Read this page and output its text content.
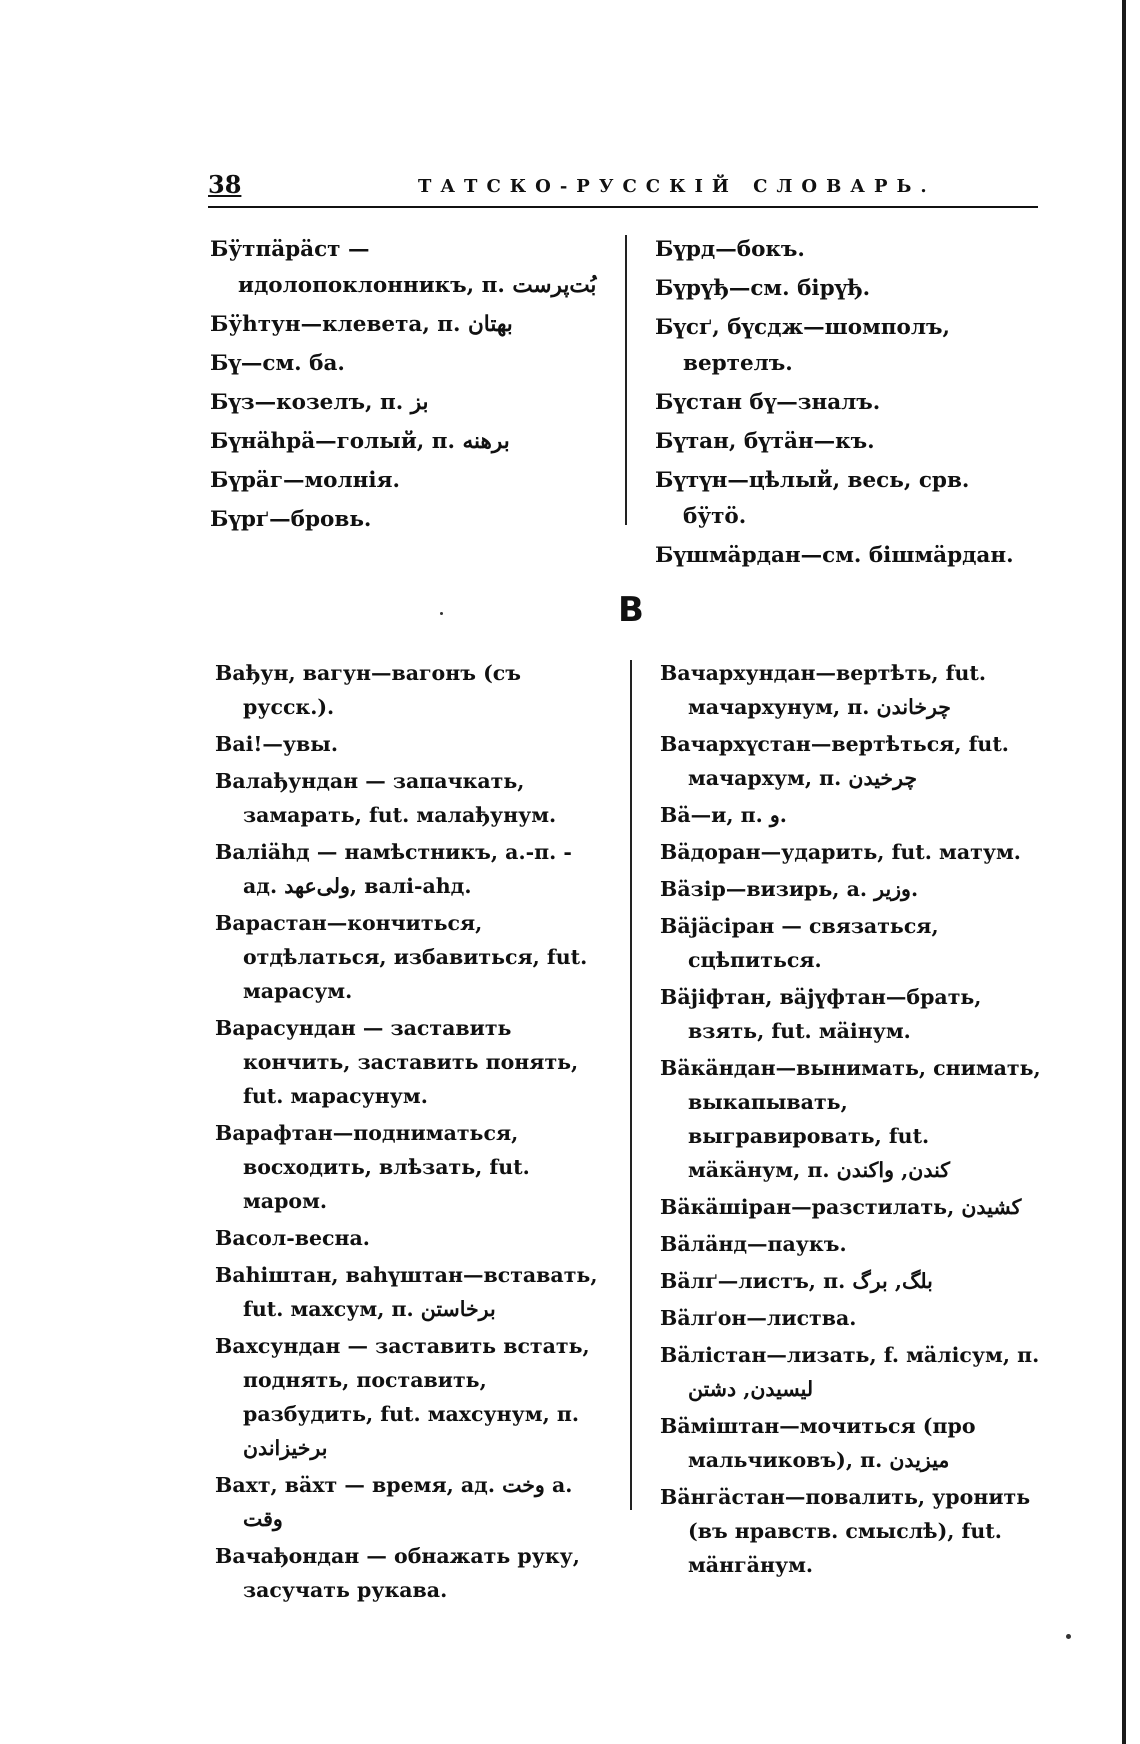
38	ТАТСКО-РУССКІЙ СЛОВАРЬ.

Бӱтпäрäст — идолопоклонникъ, п. بُت‌پرست

Бӱһтун—клевета, п. بهتان

Бү—см. ба.

Бүз—козелъ, п. بز

Бүнäһрä—голый, п. برهنه

Бүрäг—молнія.

Бүрґ—бровь.

Бүрд—бокъ.

Бүрүђ—см. бірүђ.

Бүсґ, бүсдж—шомполъ, вертелъ.

Бүстан бү—зналъ.

Бүтан, бүтäн—къ.

Бүтүн—цѣлый, весь, срв. бӱтӧ.

Бүшмäрдан—см. бішмäрдан.

В

Вађун, вагун—вагонъ (съ русск.).

Ваі!—увы.

Валађундан — запачкать, замарать, fut. малађунум.

Валіäһд — намѣстникъ, а.-п. - ад. ولی‌عهد, валі-аһд.

Варастан—кончиться, отдѣлаться, избавиться, fut. марасум.

Варасундан — заставить кончить, заставить понять, fut. марасунум.

Варафтан—подниматься, восходить, влѣзать, fut. маром.

Васол-весна.

Ваһіштан, ваһүштан—вставать, fut. махсум, п. برخاستن

Вахсундан — заставить встать, поднять, поставить, разбудить, fut. махсунум, п. برخیزاندن

Вахт, вäхт — время, ад. وخت а. وقت

Вачађондан — обнажать руку, засучать рукава.

Вачархундан—вертѣть, fut. мачархунум, п. چرخاندن

Вачархүстан—вертѣться, fut. мачархум, п. چرخیدن

Вä—и, п. و.

Вäдоран—ударить, fut. матум.

Вäзір—визирь, а. وزیر.

Вäјäсіран — связаться, сцѣпиться.

Вäјіфтан, вäјүфтан—брать, взять, fut. мäінум.

Вäкäндан—вынимать, снимать, выкапывать, выгравировать, fut. мäкäнум, п. کندن, واکندن

Вäкäшіран—разстилать, کشیدن

Вäлäнд—паукъ.

Вäлґ—листъ, п. بلگ, برگ

Вäлґон—листва.

Вäлістан—лизать, f. мäлісум, п. لیسیدن, دشتن

Вäміштан—мочиться (про мальчиковъ), п. میزیدن

Вäнгäстан—повалить, уронить (въ нравств. смыслѣ), fut. мäнгäнум.
